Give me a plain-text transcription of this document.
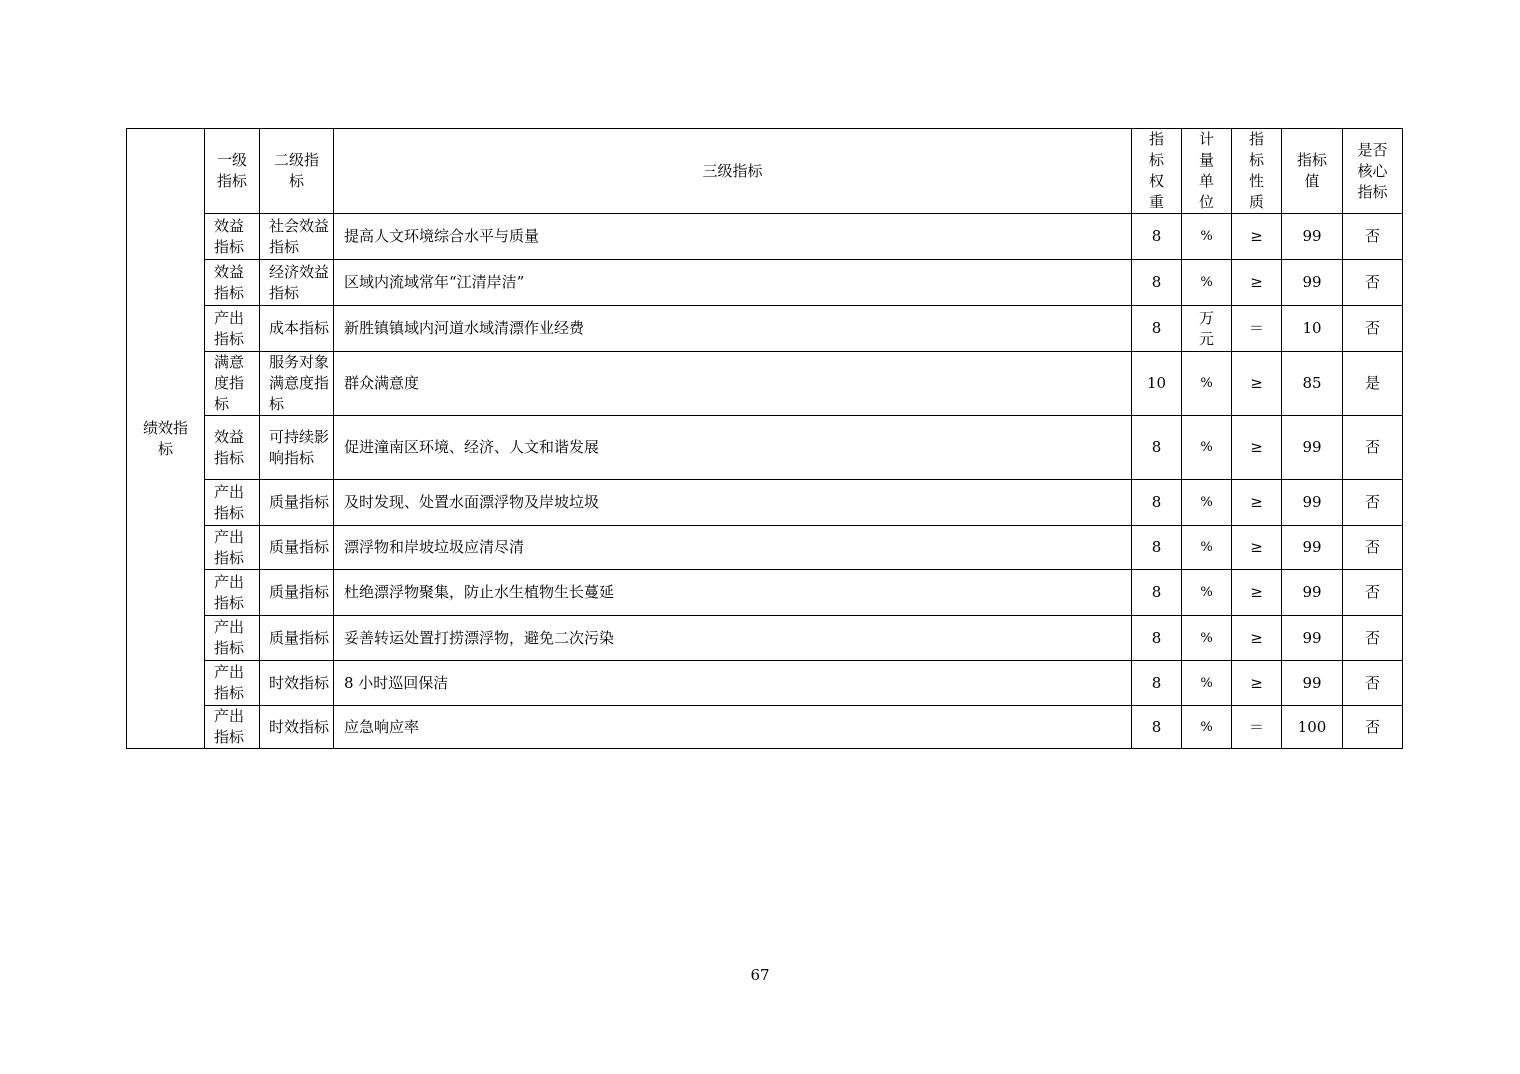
绩效指标	一级指标	二级指标	三级指标	指标权重	计量单位	指标性质	指标值	是否核心指标
	效益指标	社会效益指标	提高人文环境综合水平与质量	8	%	≥	99	否
	效益指标	经济效益指标	区域内流域常年“江清岸洁”	8	%	≥	99	否
	产出指标	成本指标	新胜镇镇域内河道水域清漂作业经费	8	万元	＝	10	否
	满意度指标	服务对象满意度指标	群众满意度	10	%	≥	85	是
	效益指标	可持续影响指标	促进潼南区环境、经济、人文和谐发展	8	%	≥	99	否
	产出指标	质量指标	及时发现、处置水面漂浮物及岸坡垃圾	8	%	≥	99	否
	产出指标	质量指标	漂浮物和岸坡垃圾应清尽清	8	%	≥	99	否
	产出指标	质量指标	杜绝漂浮物聚集，防止水生植物生长蔓延	8	%	≥	99	否
	产出指标	质量指标	妥善转运处置打捞漂浮物，避免二次污染	8	%	≥	99	否
	产出指标	时效指标	8 小时巡回保洁	8	%	≥	99	否
	产出指标	时效指标	应急响应率	8	%	＝	100	否
67
